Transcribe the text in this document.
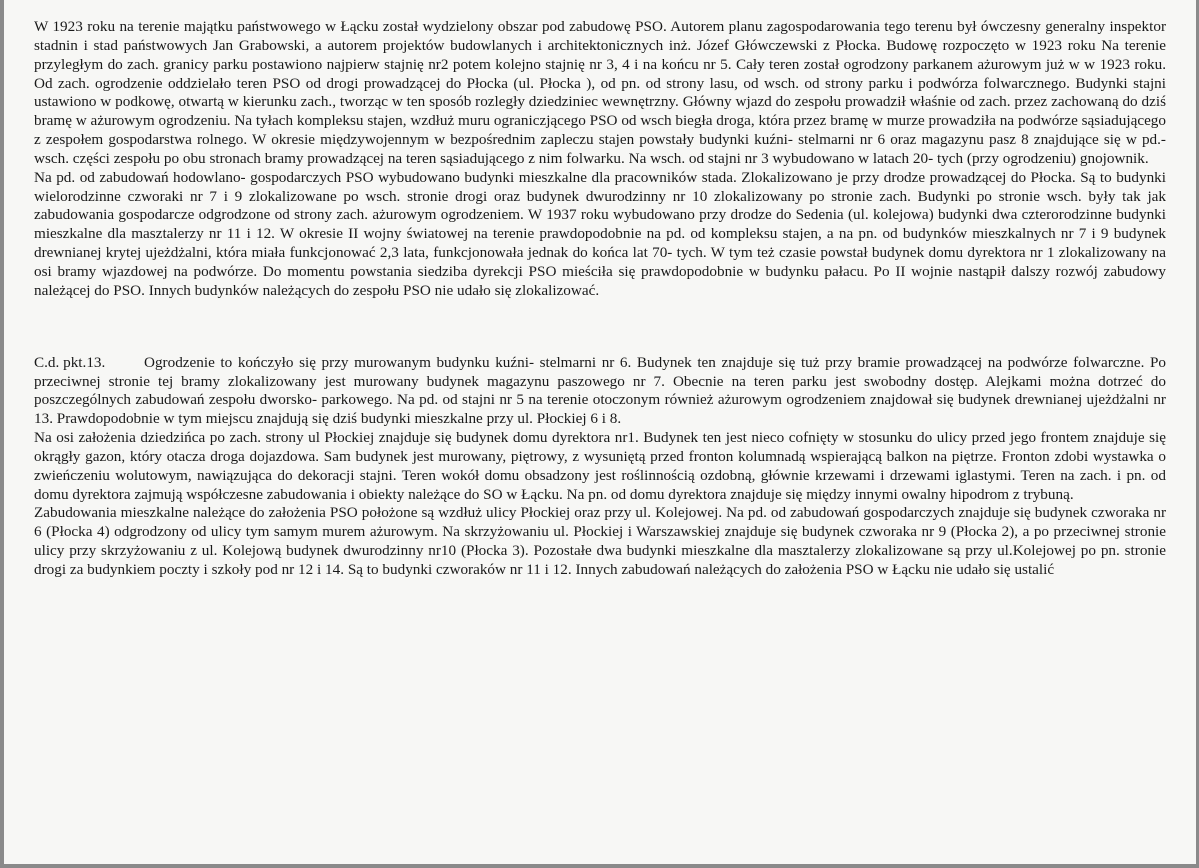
W 1923 roku na terenie majątku państwowego w Łącku został wydzielony obszar pod zabudowę PSO. Autorem planu zagospodarowania tego terenu był ówczesny generalny inspektor stadnin i stad państwowych Jan Grabowski, a autorem projektów budowlanych i architektonicznych inż. Józef Główczewski z Płocka. Budowę rozpoczęto w 1923 roku Na terenie przyległym do zach. granicy parku postawiono najpierw stajnię nr2 potem kolejno stajnię nr 3, 4 i na końcu nr 5. Cały teren został ogrodzony parkanem ażurowym już w w 1923 roku. Od zach. ogrodzenie oddzielało teren PSO od drogi prowadzącej do Płocka (ul. Płocka ), od pn. od strony lasu, od wsch. od strony parku i podwórza folwarcznego. Budynki stajni ustawiono w podkowę, otwartą w kierunku zach., tworząc w ten sposób rozległy dziedziniec wewnętrzny. Główny wjazd do zespołu prowadził właśnie od zach. przez zachowaną do dziś bramę w ażurowym ogrodzeniu. Na tyłach kompleksu stajen, wzdłuż muru ograniczjącego PSO od wsch biegła droga, która przez bramę w murze prowadziła na podwórze sąsiadującego z zespołem gospodarstwa rolnego. W okresie międzywojennym w bezpośrednim zapleczu stajen powstały budynki kuźni- stelmarni nr 6 oraz magazynu pasz 8 znajdujące się w pd.-wsch. części zespołu po obu stronach bramy prowadzącej na teren sąsiadującego z nim folwarku. Na wsch. od stajni nr 3 wybudowano w latach 20- tych (przy ogrodzeniu) gnojownik.

Na pd. od zabudowań hodowlano- gospodarczych PSO wybudowano budynki mieszkalne dla pracowników stada. Zlokalizowano je przy drodze prowadzącej do Płocka. Są to budynki wielorodzinne czworaki nr 7 i 9 zlokalizowane po wsch. stronie drogi oraz budynek dwurodzinny nr 10 zlokalizowany po stronie zach. Budynki po stronie wsch. były tak jak zabudowania gospodarcze odgrodzone od strony zach. ażurowym ogrodzeniem. W 1937 roku wybudowano przy drodze do Sedenia (ul. kolejowa) budynki dwa czterorodzinne budynki mieszkalne dla masztalerzy nr 11 i 12. W okresie II wojny światowej na terenie prawdopodobnie na pd. od kompleksu stajen, a na pn. od budynków mieszkalnych nr 7 i 9 budynek drewnianej krytej ujeżdżalni, która miała funkcjonować 2,3 lata, funkcjonowała jednak do końca lat 70- tych. W tym też czasie powstał budynek domu dyrektora nr 1 zlokalizowany na osi bramy wjazdowej na podwórze. Do momentu powstania siedziba dyrekcji PSO mieściła się prawdopodobnie w budynku pałacu. Po II wojnie nastąpił dalszy rozwój zabudowy należącej do PSO. Innych budynków należących do zespołu PSO nie udało się zlokalizować.

C.d. pkt.13.	Ogrodzenie to kończyło się przy murowanym budynku kuźni- stelmarni nr 6. Budynek ten znajduje się tuż przy bramie prowadzącej na podwórze folwarczne. Po przeciwnej stronie tej bramy zlokalizowany jest murowany budynek magazynu paszowego nr 7. Obecnie na teren parku jest swobodny dostęp. Alejkami można dotrzeć do poszczególnych zabudowań zespołu dworsko- parkowego. Na pd. od stajni nr 5 na terenie otoczonym również ażurowym ogrodzeniem znajdował się budynek drewnianej ujeżdżalni nr 13. Prawdopodobnie w tym miejscu znajdują się dziś budynki mieszkalne przy ul. Płockiej 6 i 8.

Na osi założenia dziedzińca po zach. strony ul Płockiej znajduje się budynek domu dyrektora nr1. Budynek ten jest nieco cofnięty w stosunku do ulicy przed jego frontem znajduje się okrągły gazon, który otacza droga dojazdowa. Sam budynek jest murowany, piętrowy, z wysuniętą przed fronton kolumnadą wspierającą balkon na piętrze. Fronton zdobi wystawka o zwieńczeniu wolutowym, nawiązująca do dekoracji stajni. Teren wokół domu obsadzony jest roślinnością ozdobną, głównie krzewami i drzewami iglastymi. Teren na zach. i pn. od domu dyrektora zajmują współczesne zabudowania i obiekty należące do SO w Łącku. Na pn. od domu dyrektora znajduje się między innymi owalny hipodrom z trybuną.

Zabudowania mieszkalne należące do założenia PSO położone są wzdłuż ulicy Płockiej oraz przy ul. Kolejowej. Na pd. od zabudowań gospodarczych znajduje się budynek czworaka nr 6 (Płocka 4) odgrodzony od ulicy tym samym murem ażurowym. Na skrzyżowaniu ul. Płockiej i Warszawskiej znajduje się budynek czworaka nr 9 (Płocka 2), a po przeciwnej stronie ulicy przy skrzyżowaniu z ul. Kolejową budynek dwurodzinny nr10 (Płocka 3). Pozostałe dwa budynki mieszkalne dla masztalerzy zlokalizowane są przy ul.Kolejowej po pn. stronie drogi za budynkiem poczty i szkoły pod nr 12 i 14. Są to budynki czworaków nr 11 i 12. Innych zabudowań należących do założenia PSO w Łącku nie udało się ustalić
